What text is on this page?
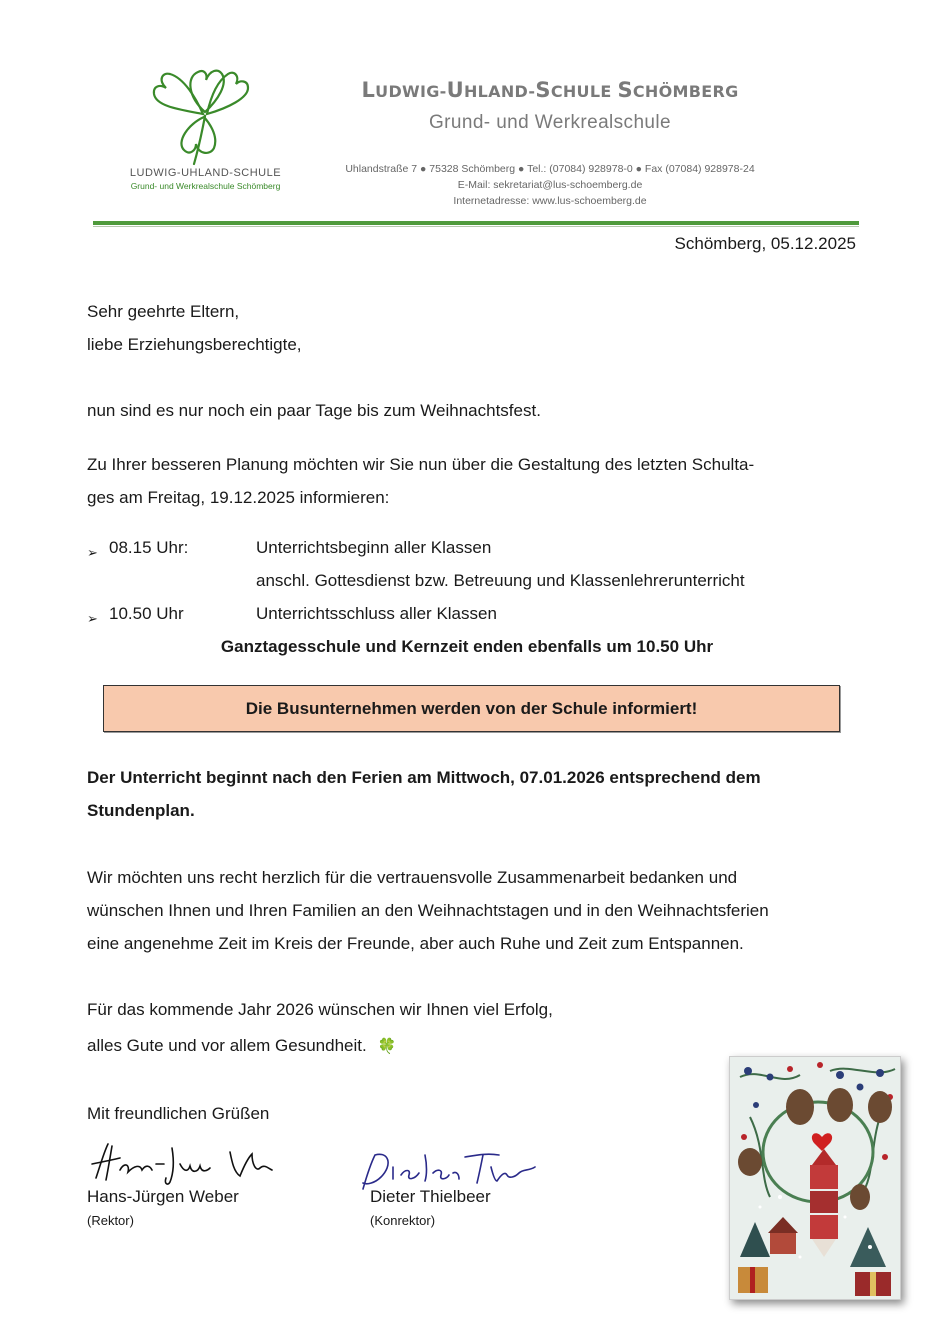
LUDWIG-UHLAND-SCHULE
Grund- und Werkrealschule Schömberg
LUDWIG-UHLAND-SCHULE SCHÖMBERG
Grund- und Werkrealschule
Uhlandstraße 7 ● 75328 Schömberg ● Tel.: (07084) 928978-0 ● Fax (07084) 928978-24
E-Mail: sekretariat@lus-schoemberg.de
Internetadresse: www.lus-schoemberg.de
Schömberg, 05.12.2025
Sehr geehrte Eltern,
liebe Erziehungsberechtigte,
nun sind es nur noch ein paar Tage bis zum Weihnachtsfest.
Zu Ihrer besseren Planung möchten wir Sie nun über die Gestaltung des letzten Schulta-
ges am Freitag, 19.12.2025 informieren:
➢ 08.15 Uhr:	Unterrichtsbeginn aller Klassen
anschl. Gottesdienst bzw. Betreuung und Klassenlehrerunterricht
➢ 10.50 Uhr	Unterrichtsschluss aller Klassen
Ganztagesschule und Kernzeit enden ebenfalls um 10.50 Uhr
Die Busunternehmen werden von der Schule informiert!
Der Unterricht beginnt nach den Ferien am Mittwoch, 07.01.2026 entsprechend dem
Stundenplan.
Wir möchten uns recht herzlich für die vertrauensvolle Zusammenarbeit bedanken und
wünschen Ihnen und Ihren Familien an den Weihnachtstagen und in den Weihnachtsferien
eine angenehme Zeit im Kreis der Freunde, aber auch Ruhe und Zeit zum Entspannen.
Für das kommende Jahr 2026 wünschen wir Ihnen viel Erfolg,
alles Gute und vor allem Gesundheit. 🍀
Mit freundlichen Grüßen
Hans-Jürgen Weber
(Rektor)
Dieter Thielbeer
(Konrektor)
